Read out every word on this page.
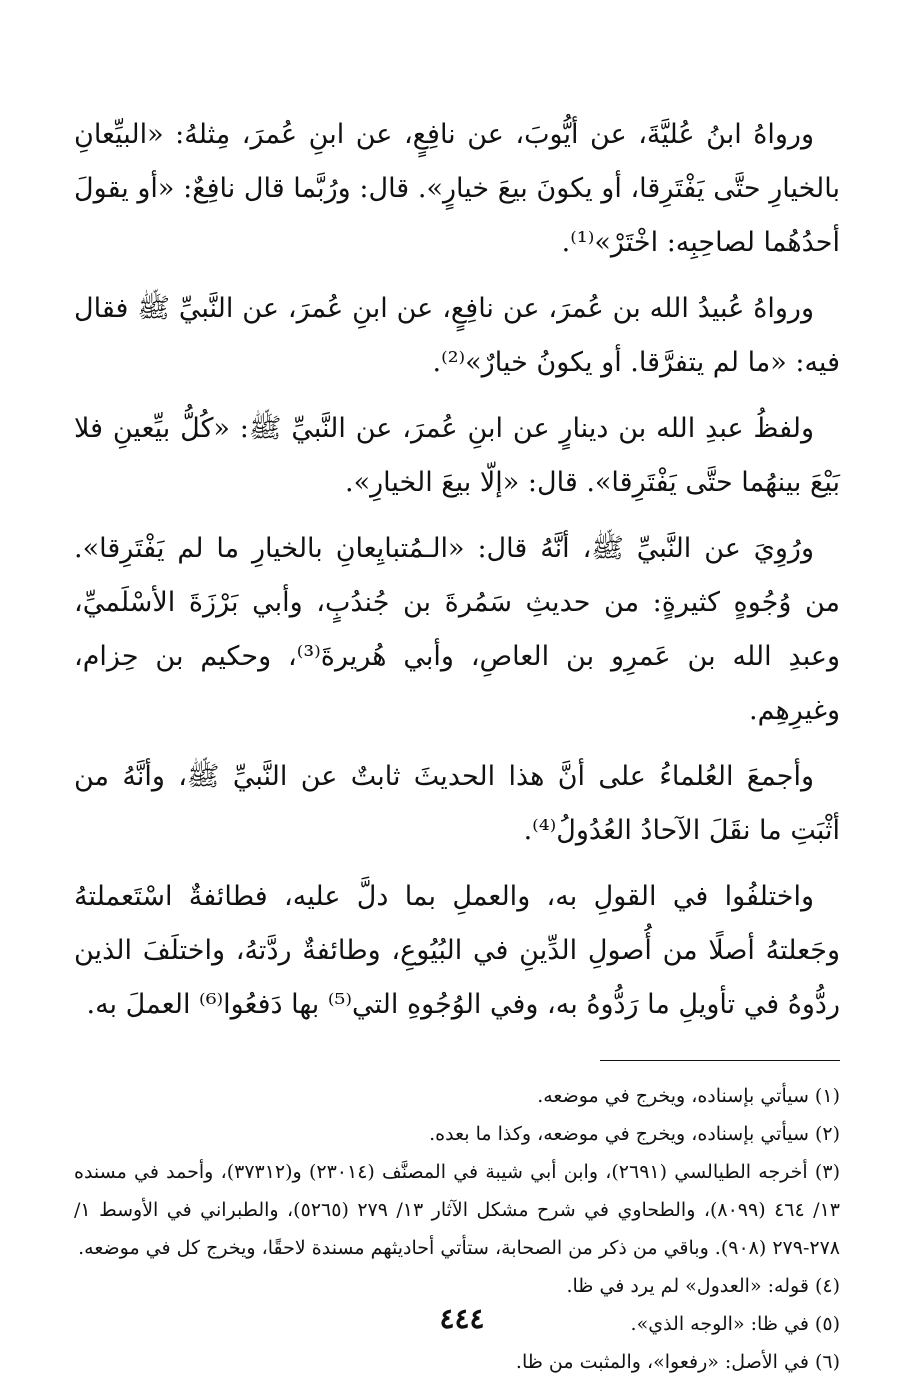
ورواهُ ابنُ عُليَّةَ، عن أيُّوبَ، عن نافِعٍ، عن ابنِ عُمرَ، مِثلهُ: «البيِّعانِ بالخيارِ حتَّى يَفْتَرِقا، أو يكونَ بيعَ خيارٍ». قال: ورُبَّما قال نافِعٌ: «أو يقولَ أحدُهُما لصاحِبِه: اخْتَرْ»⁽¹⁾.

ورواهُ عُبيدُ الله بن عُمرَ، عن نافِعٍ، عن ابنِ عُمرَ، عن النَّبيِّ ﷺ فقال فيه: «ما لم يتفرَّقا. أو يكونُ خيارٌ»⁽²⁾.

ولفظُ عبدِ الله بن دينارٍ عن ابنِ عُمرَ، عن النَّبيِّ ﷺ: «كُلُّ بيِّعينِ فلا بَيْعَ بينهُما حتَّى يَفْتَرِقا». قال: «إلّا بيعَ الخيارِ».

ورُوِيَ عن النَّبيِّ ﷺ، أنَّهُ قال: «الـمُتبايِعانِ بالخيارِ ما لم يَفْتَرِقا». من وُجُوهٍ كثيرةٍ: من حديثِ سَمُرةَ بن جُندُبٍ، وأبي بَرْزَةَ الأسْلَميِّ، وعبدِ الله بن عَمرِو بن العاصِ، وأبي هُريرةَ⁽³⁾، وحكيم بن حِزام، وغيرِهِم.

وأجمعَ العُلماءُ على أنَّ هذا الحديثَ ثابتٌ عن النَّبيِّ ﷺ، وأنَّهُ من أثْبَتِ ما نقَلَ الآحادُ العُدُولُ⁽⁴⁾.

واختلفُوا في القولِ به، والعملِ بما دلَّ عليه، فطائفةٌ اسْتَعملتهُ وجَعلتهُ أصلًا من أُصولِ الدِّينِ في البُيُوعِ، وطائفةٌ ردَّتهُ، واختلَفَ الذين ردُّوهُ في تأويلِ ما رَدُّوهُ به، وفي الوُجُوهِ التي⁽⁵⁾ بها دَفعُوا⁽⁶⁾ العملَ به.

(١) سيأتي بإسناده، ويخرج في موضعه.
(٢) سيأتي بإسناده، ويخرج في موضعه، وكذا ما بعده.
(٣) أخرجه الطيالسي (٢٦٩١)، وابن أبي شيبة في المصنَّف (٢٣٠١٤) و(٣٧٣١٢)، وأحمد في مسنده ١٣/ ٤٦٤ (٨٠٩٩)، والطحاوي في شرح مشكل الآثار ١٣/ ٢٧٩ (٥٢٦٥)، والطبراني في الأوسط ١/ ٢٧٨-٢٧٩ (٩٠٨). وباقي من ذكر من الصحابة، ستأتي أحاديثهم مسندة لاحقًا، ويخرج كل في موضعه.
(٤) قوله: «العدول» لم يرد في ظا.
(٥) في ظا: «الوجه الذي».
(٦) في الأصل: «رفعوا»، والمثبت من ظا.
٤٤٤
